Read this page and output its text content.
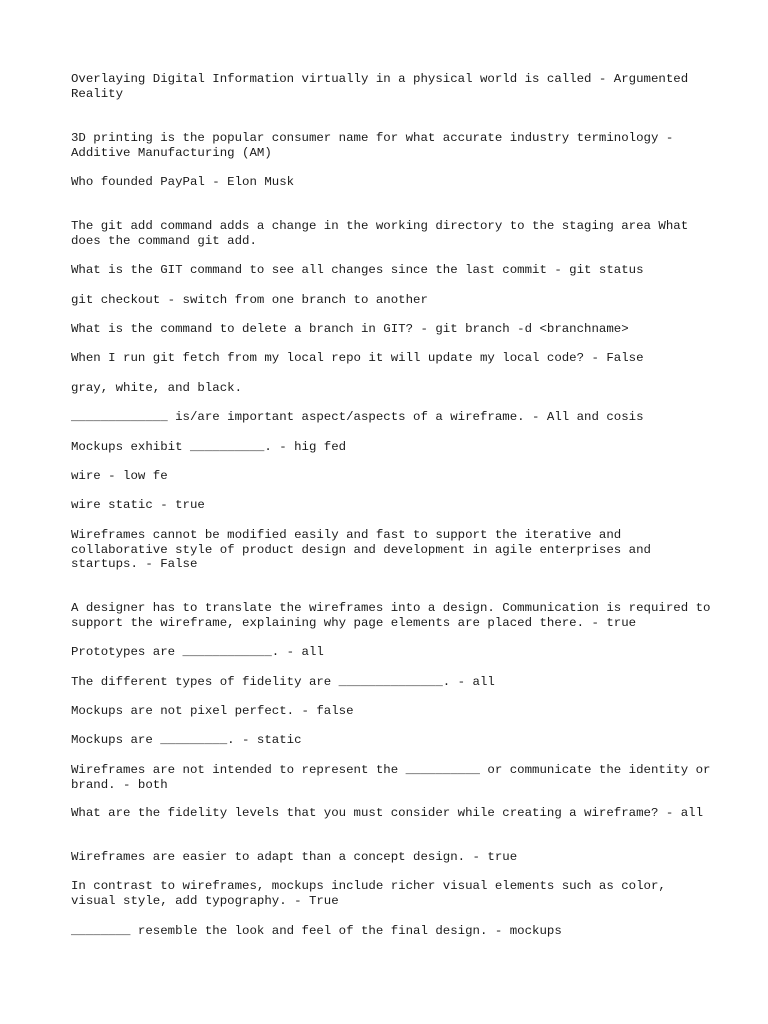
Overlaying Digital Information virtually in a physical world is called - Argumented Reality

3D printing is the popular consumer name for what accurate industry terminology - Additive Manufacturing (AM)

Who founded PayPal - Elon Musk

The git add command adds a change in the working directory to the staging area What does the command git add.

What is the GIT command to see all changes since the last commit - git status

git checkout - switch from one branch to another

What is the command to delete a branch in GIT? - git branch -d <branchname>

When I run git fetch from my local repo it will update my local code? - False

gray, white, and black.

_____________ is/are important aspect/aspects of a wireframe. - All and cosis

Mockups exhibit __________. - hig fed

wire - low fe

wire static - true

Wireframes cannot be modified easily and fast to support the iterative and collaborative style of product design and development in agile enterprises and startups. - False

A designer has to translate the wireframes into a design. Communication is required to support the wireframe, explaining why page elements are placed there. - true

Prototypes are ____________. - all

The different types of fidelity are ______________. - all

Mockups are not pixel perfect. - false

Mockups are _________. - static

Wireframes are not intended to represent the __________ or communicate the identity or brand. - both

What are the fidelity levels that you must consider while creating a wireframe? - all

Wireframes are easier to adapt than a concept design. - true

In contrast to wireframes, mockups include richer visual elements such as color, visual style, add typography. - True

________ resemble the look and feel of the final design. - mockups
